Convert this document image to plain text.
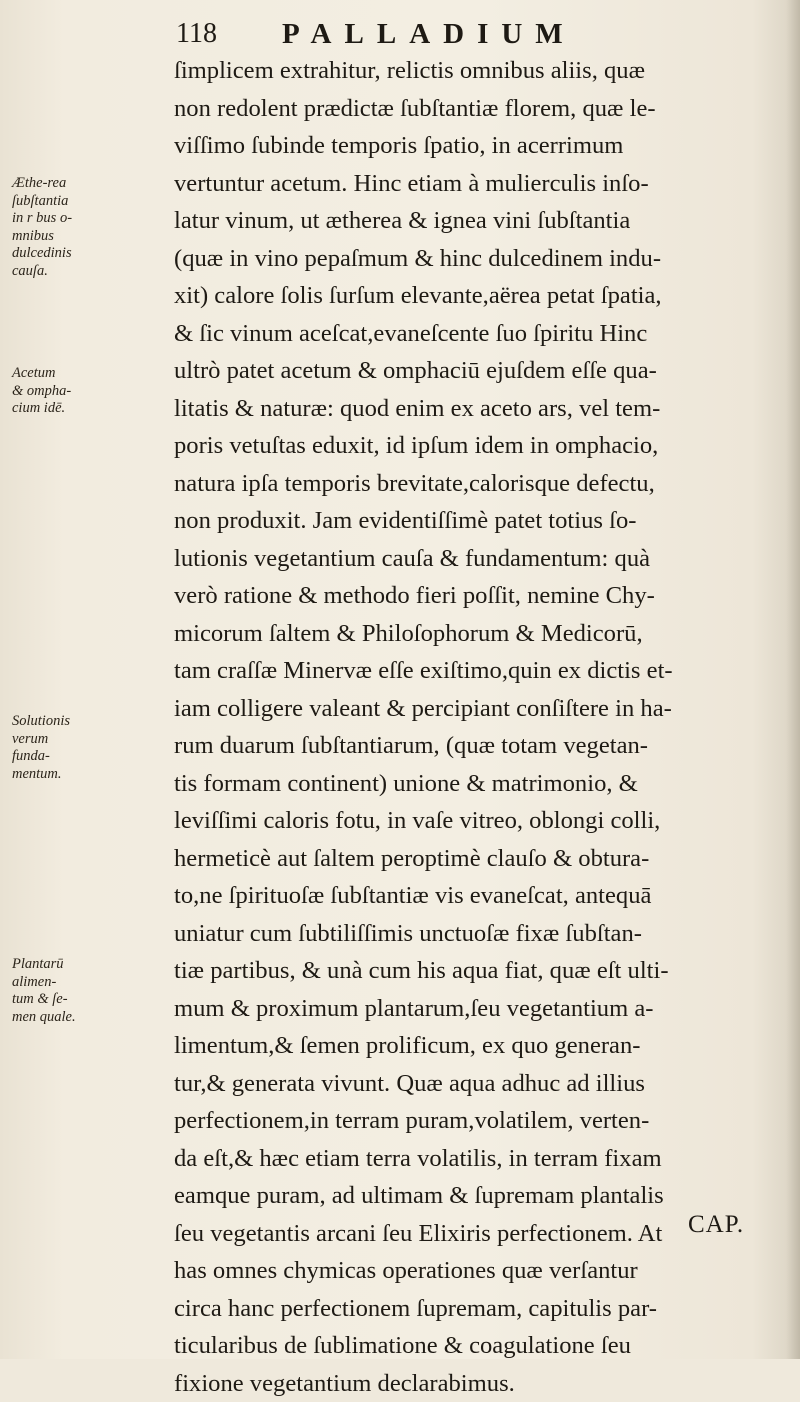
118 PALLADIUM
ſimplicem extrahitur, relictis omnibus aliis, quæ
non redolent prædictæ ſubſtantiæ florem, quæ le-
viſſimo ſubinde temporis ſpatio, in acerrimum
vertuntur acetum. Hinc etiam à mulierculis inſo-
latur vinum, ut ætherea & ignea vini ſubſtantia
(quæ in vino pepaſmum & hinc dulcedinem indu-
xit) calore ſolis ſurſum elevante,aërea petat ſpatia,
& ſic vinum aceſcat,evaneſcente ſuo ſpiritu Hinc
ultrò patet acetum & omphaciū ejuſdem eſſe qua-
litatis & naturæ: quod enim ex aceto ars, vel tem-
poris vetuſtas eduxit, id ipſum idem in omphacio,
natura ipſa temporis brevitate,calorisque defectu,
non produxit. Jam evidentiſſimè patet totius ſo-
lutionis vegetantium cauſa & fundamentum: quà
verò ratione & methodo fieri poſſit, nemine Chy-
micorum ſaltem & Philoſophorum & Medicorū,
tam craſſæ Minervæ eſſe exiſtimo,quin ex dictis et-
iam colligere valeant & percipiant conſiſtere in ha-
rum duarum ſubſtantiarum, (quæ totam vegetan-
tis formam continent) unione & matrimonio, &
leviſſimi caloris fotu, in vaſe vitreo, oblongi colli,
hermeticè aut ſaltem peroptimè clauſo & obtura-
to,ne ſpirituoſæ ſubſtantiæ vis evaneſcat, antequā
uniatur cum ſubtiliſſimis unctuoſæ fixæ ſubſtan-
tiæ partibus, & unà cum his aqua fiat, quæ eſt ulti-
mum & proximum plantarum,ſeu vegetantium a-
limentum,& ſemen prolificum, ex quo generan-
tur,& generata vivunt. Quæ aqua adhuc ad illius
perfectionem,in terram puram,volatilem, verten-
da eſt,& hæc etiam terra volatilis, in terram fixam
eamque puram, ad ultimam & ſupremam plantalis
ſeu vegetantis arcani ſeu Elixiris perfectionem. At
has omnes chymicas operationes quæ verſantur
circa hanc perfectionem ſupremam, capitulis par-
ticularibus de ſublimatione & coagulatione ſeu
fixione vegetantium declarabimus.
Æthe-rea
ſubſtantia
in r bus o-
mnibus
dulcedinis
cauſa.
Acetum
& ompha-
cium idē.
Solutionis
verum
funda-
mentum.
Plantarū
alimen-
tum & ſe-
men quale.
CAP.
